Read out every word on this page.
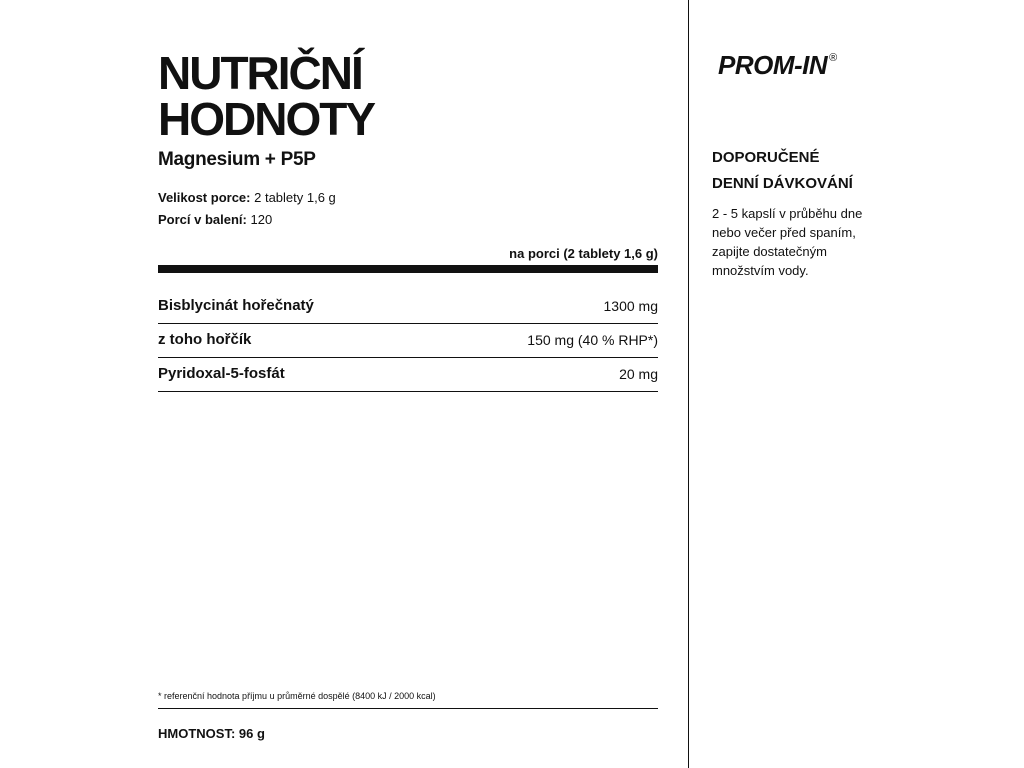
NUTRIČNÍ
HODNOTY
Magnesium + P5P
Velikost porce: 2 tablety 1,6 g
Porcí v balení: 120
na porci (2 tablety 1,6 g)
Bisblycinát hořečnatý	1300 mg
z toho hořčík	150 mg (40 % RHP*)
Pyridoxal-5-fosfát	20 mg
* referenční hodnota příjmu u průměrné dospělé (8400 kJ / 2000 kcal)
HMOTNOST: 96 g
PROM-IN ®
DOPORUČENÉ
DENNÍ DÁVKOVÁNÍ
2 - 5 kapslí v průběhu dne
nebo večer před spaním,
zapijte dostatečným
množstvím vody.
